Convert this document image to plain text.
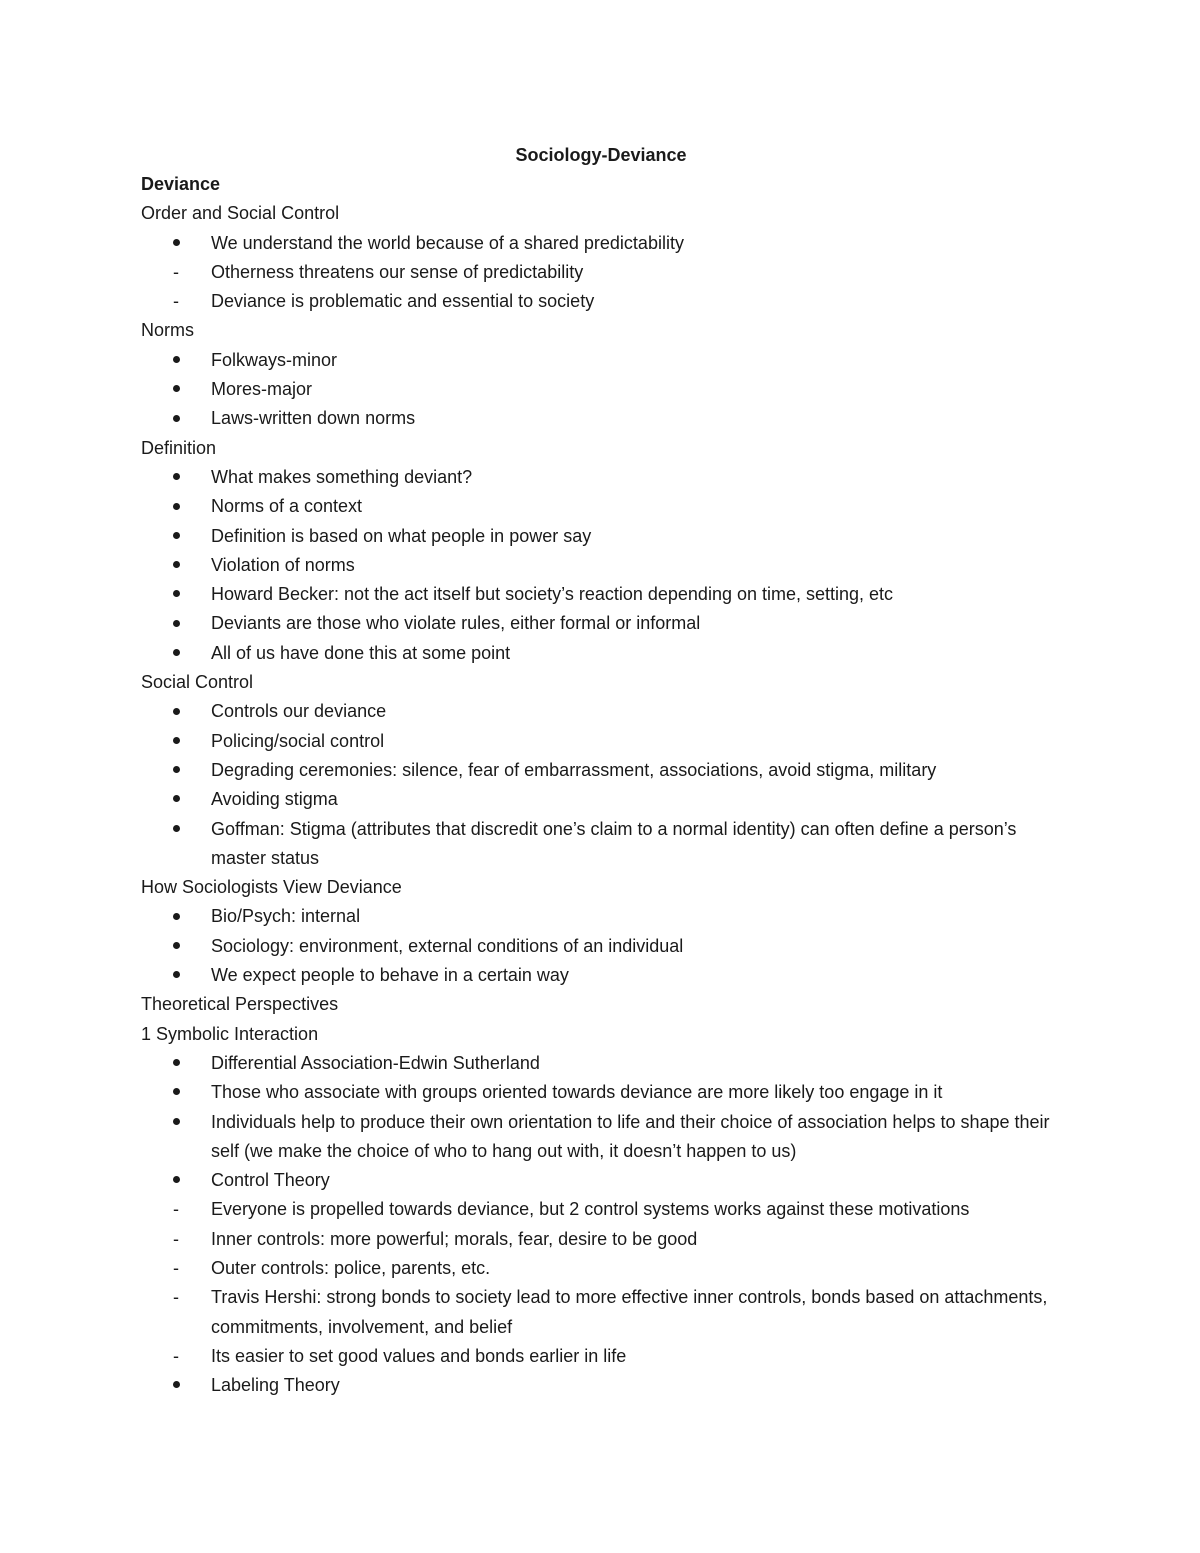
Sociology-Deviance
Deviance
Order and Social Control
We understand the world because of a shared predictability
-	Otherness threatens our sense of predictability
-	Deviance is problematic and essential to society
Norms
Folkways-minor
Mores-major
Laws-written down norms
Definition
What makes something deviant?
Norms of a context
Definition is based on what people in power say
Violation of norms
Howard Becker: not the act itself but society’s reaction depending on time, setting, etc
Deviants are those who violate rules, either formal or informal
All of us have done this at some point
Social Control
Controls our deviance
Policing/social control
Degrading ceremonies: silence, fear of embarrassment, associations, avoid stigma, military
Avoiding stigma
Goffman: Stigma (attributes that discredit one’s claim to a normal identity) can often define a person’s master status
How Sociologists View Deviance
Bio/Psych: internal
Sociology: environment, external conditions of an individual
We expect people to behave in a certain way
Theoretical Perspectives
1 Symbolic Interaction
Differential Association-Edwin Sutherland
Those who associate with groups oriented towards deviance are more likely too engage in it
Individuals help to produce their own orientation to life and their choice of association helps to shape their self (we make the choice of who to hang out with, it doesn’t happen to us)
Control Theory
-	Everyone is propelled towards deviance, but 2 control systems works against these motivations
-	Inner controls: more powerful; morals, fear, desire to be good
-	Outer controls: police, parents, etc.
-	Travis Hershi: strong bonds to society lead to more effective inner controls, bonds based on attachments, commitments, involvement, and belief
-	Its easier to set good values and bonds earlier in life
Labeling Theory
